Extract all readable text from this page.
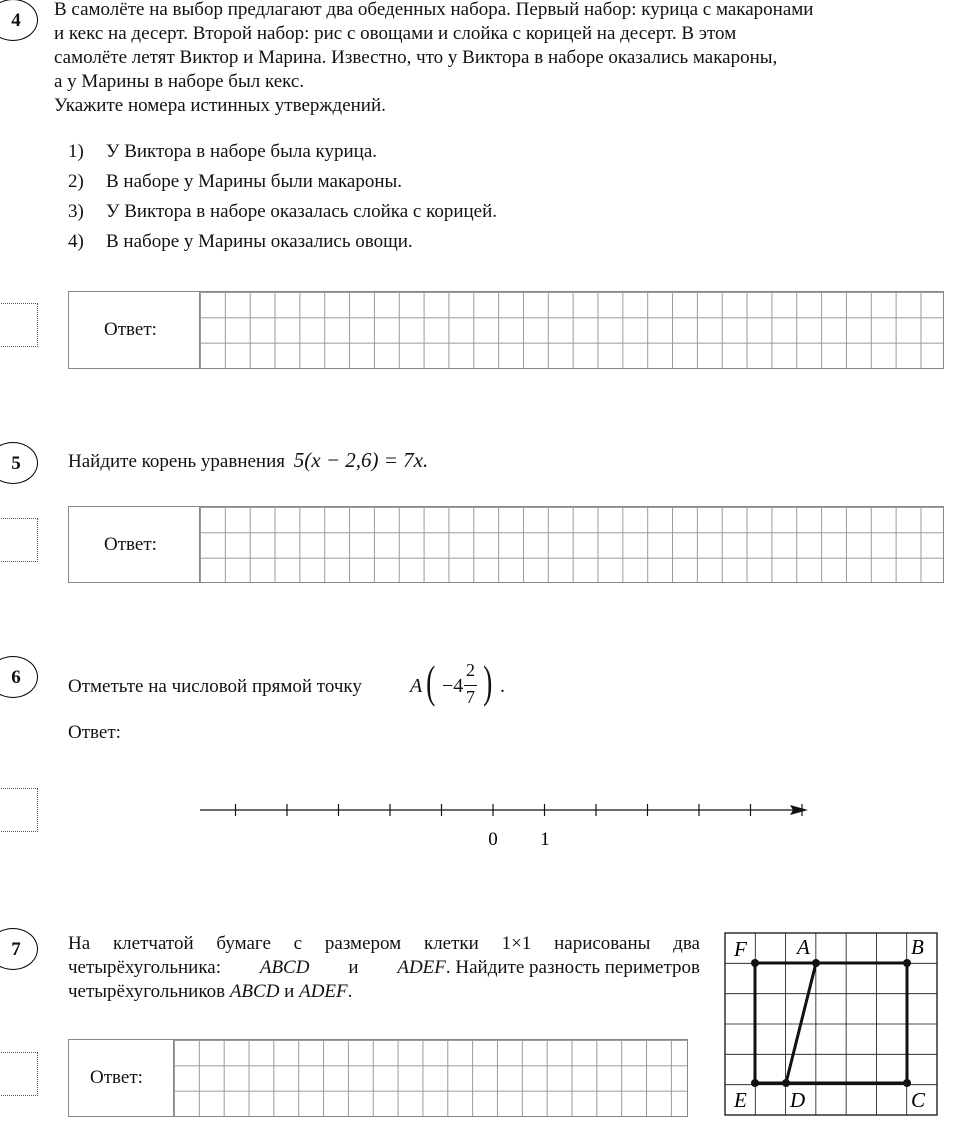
4

В самолёте на выбор предлагают два обеденных набора. Первый набор: курица с макаронами

и кекс на десерт. Второй набор: рис с овощами и слойка с корицей на десерт. В этом

самолёте летят Виктор и Марина. Известно, что у Виктора в наборе оказались макароны,

а у Марины в наборе был кекс.

Укажите номера истинных утверждений.

1) У Виктора в наборе была курица.
2) В наборе у Марины были макароны.
3) У Виктора в наборе оказалась слойка с корицей.
4) В наборе у Марины оказались овощи.
Ответ:
5	Найдите корень уравнения 5(x − 2,6) = 7x.
Ответ:
6	Отметьте на числовой прямой точку A ( −4
2
7 ) .
Ответ:
0 1
7	На клетчатой бумаге с размером клетки 1×1 нарисованы два
четырёхугольника: ABCD и ADEF. Найдите разность периметров
четырёхугольников ABCD и ADEF.
Ответ:
F A	B
E D	C
